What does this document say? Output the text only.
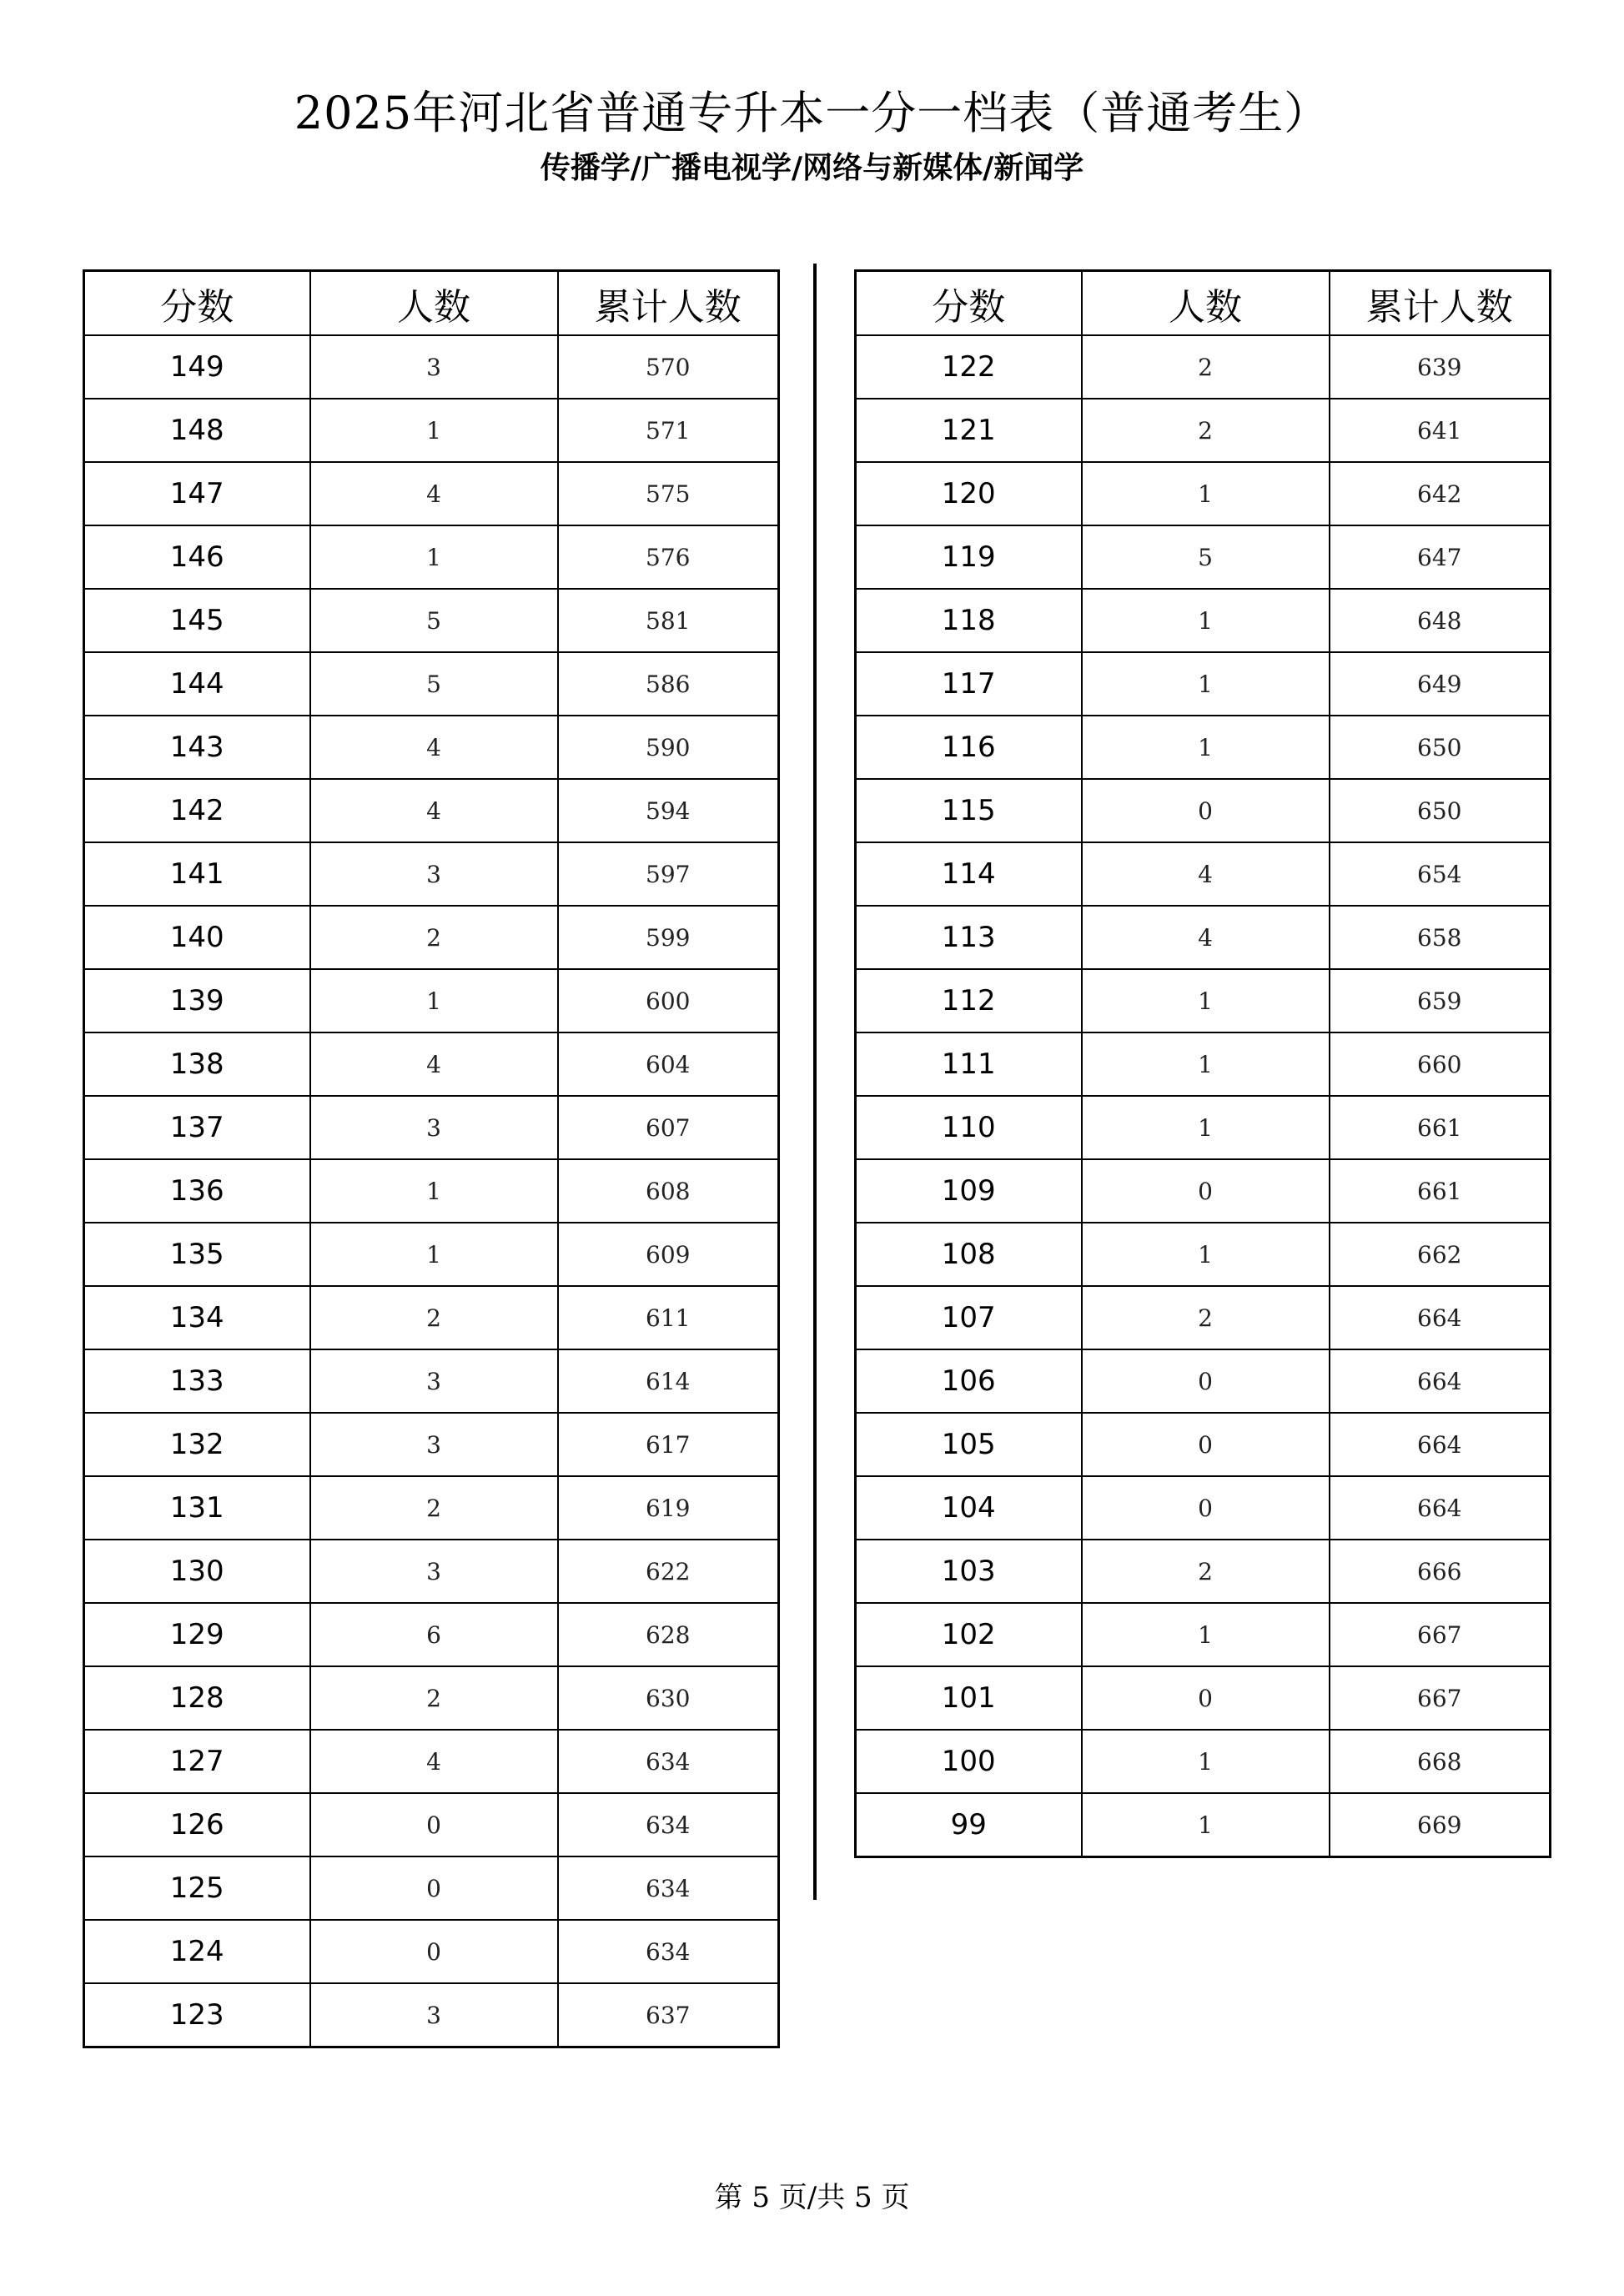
2025年河北省普通专升本一分一档表（普通考生）
传播学/广播电视学/网络与新媒体/新闻学
分数	人数	累计人数
149	3	570
148	1	571
147	4	575
146	1	576
145	5	581
144	5	586
143	4	590
142	4	594
141	3	597
140	2	599
139	1	600
138	4	604
137	3	607
136	1	608
135	1	609
134	2	611
133	3	614
132	3	617
131	2	619
130	3	622
129	6	628
128	2	630
127	4	634
126	0	634
125	0	634
124	0	634
123	3	637
分数	人数	累计人数
122	2	639
121	2	641
120	1	642
119	5	647
118	1	648
117	1	649
116	1	650
115	0	650
114	4	654
113	4	658
112	1	659
111	1	660
110	1	661
109	0	661
108	1	662
107	2	664
106	0	664
105	0	664
104	0	664
103	2	666
102	1	667
101	0	667
100	1	668
99	1	669
第 5 页/共 5 页
